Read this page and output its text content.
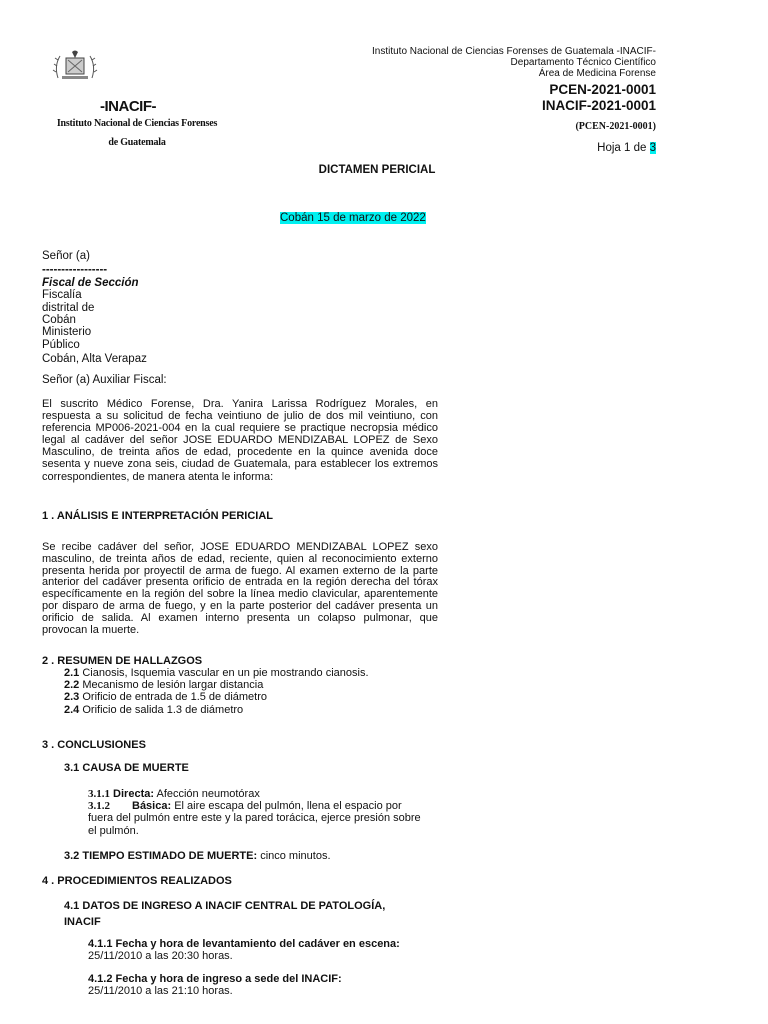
Instituto Nacional de Ciencias Forenses de Guatemala -INACIF-
Departamento Técnico Científico
Área de Medicina Forense
PCEN-2021-0001
INACIF-2021-0001
(PCEN-2021-0001)
Hoja 1 de 3
-INACIF-
Instituto Nacional de Ciencias Forenses
de Guatemala
DICTAMEN PERICIAL
Cobán 15 de marzo de 2022
Señor (a)
-----------------
Fiscal de Sección
Fiscalía
distrital de
Cobán
Ministerio
Público
Cobán, Alta Verapaz
Señor (a) Auxiliar Fiscal:
El suscrito Médico Forense, Dra. Yanira Larissa Rodríguez Morales, en respuesta a su solicitud de fecha veintiuno de julio de dos mil veintiuno, con referencia MP006-2021-004 en la cual requiere se practique necropsia médico legal al cadáver del señor JOSE EDUARDO MENDIZABAL LOPEZ de Sexo Masculino, de treinta años de edad, procedente en la quince avenida doce sesenta y nueve zona seis, ciudad de Guatemala, para establecer los extremos correspondientes, de manera atenta le informa:
1 . ANÁLISIS E INTERPRETACIÓN PERICIAL
Se recibe cadáver del señor, JOSE EDUARDO MENDIZABAL LOPEZ sexo masculino, de treinta años de edad, reciente, quien al reconocimiento externo presenta herida por proyectil de arma de fuego. Al examen externo de la parte anterior del cadáver presenta orificio de entrada en la región derecha del tórax específicamente en la región del sobre la línea medio clavicular, aparentemente por disparo de arma de fuego, y en la parte posterior del cadáver presenta un orificio de salida. Al examen interno presenta un colapso pulmonar, que provocan la muerte.
2 . RESUMEN DE HALLAZGOS
2.1 Cianosis, Isquemia vascular en un pie mostrando cianosis.
2.2 Mecanismo de lesión largar distancia
2.3 Orificio de entrada de 1.5 de diámetro
2.4 Orificio de salida 1.3 de diámetro
3 . CONCLUSIONES
3.1 CAUSA DE MUERTE
3.1.1 Directa: Afección neumotórax
3.1.2 Básica: El aire escapa del pulmón, llena el espacio por fuera del pulmón entre este y la pared torácica, ejerce presión sobre el pulmón.
3.2 TIEMPO ESTIMADO DE MUERTE: cinco minutos.
4 . PROCEDIMIENTOS REALIZADOS
4.1 DATOS DE INGRESO A INACIF CENTRAL DE PATOLOGÍA, INACIF
4.1.1 Fecha y hora de levantamiento del cadáver en escena: 25/11/2010 a las 20:30 horas.
4.1.2 Fecha y hora de ingreso a sede del INACIF:
25/11/2010 a las 21:10 horas.
